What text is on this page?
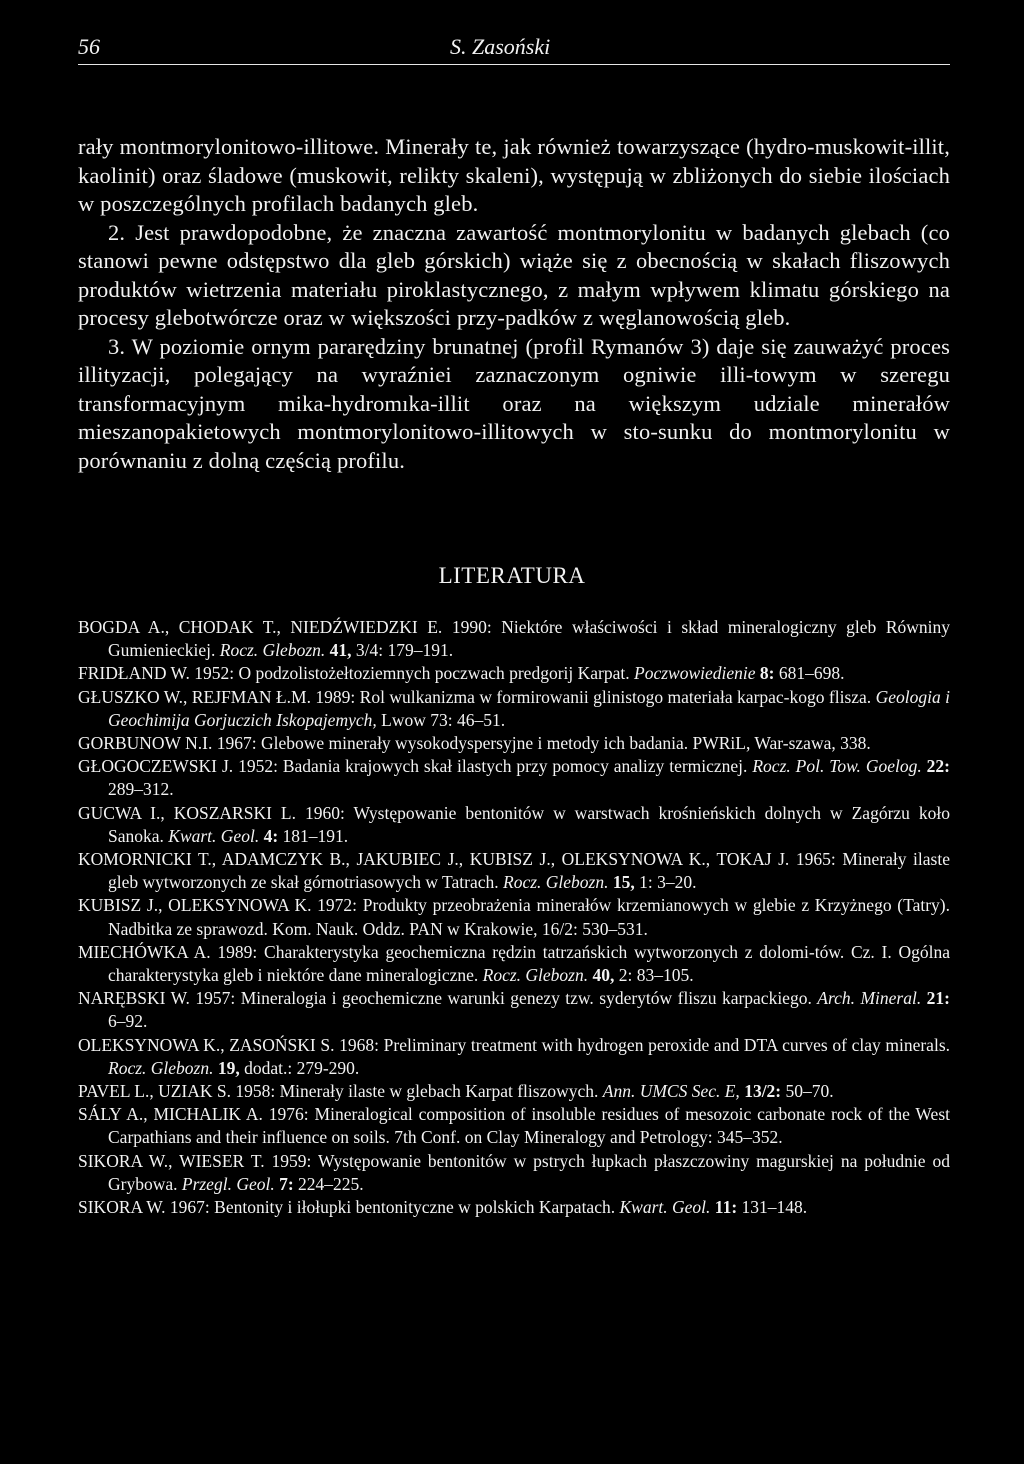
56	S. Zasoński

rały montmorylonitowo-illitowe. Minerały te, jak również towarzyszące (hydro-muskowit-illit, kaolinit) oraz śladowe (muskowit, relikty skaleni), występują w zbliżonych do siebie ilościach w poszczególnych profilach badanych gleb.

2. Jest prawdopodobne, że znaczna zawartość montmorylonitu w badanych glebach (co stanowi pewne odstępstwo dla gleb górskich) wiąże się z obecnością w skałach fliszowych produktów wietrzenia materiału piroklastycznego, z małym wpływem klimatu górskiego na procesy glebotwórcze oraz w większości przy-padków z węglanowością gleb.

3. W poziomie ornym pararędziny brunatnej (profil Rymanów 3) daje się zauważyć proces illityzacji, polegający na wyraźniei zaznaczonym ogniwie illi-towym w szeregu transformacyjnym mika-hydromıka-illit oraz na większym udziale minerałów mieszanopakietowych montmorylonitowo-illitowych w sto-sunku do montmorylonitu w porównaniu z dolną częścią profilu.

LITERATURA

BOGDA A., CHODAK T., NIEDŹWIEDZKI E. 1990: Niektóre właściwości i skład mineralogiczny gleb Równiny Gumienieckiej. Rocz. Glebozn. 41, 3/4: 179–191.

FRIDŁAND W. 1952: O podzolistożełtoziemnych poczwach predgorij Karpat. Poczwowiedienie 8: 681–698.

GŁUSZKO W., REJFMAN Ł.M. 1989: Rol wulkanizma w formirowanii glinistogo materiała karpac-kogo flisza. Geologia i Geochimija Gorjuczich Iskopajemych, Lwow 73: 46–51.

GORBUNOW N.I. 1967: Glebowe minerały wysokodyspersyjne i metody ich badania. PWRiL, War-szawa, 338.

GŁOGOCZEWSKI J. 1952: Badania krajowych skał ilastych przy pomocy analizy termicznej. Rocz. Pol. Tow. Goelog. 22: 289–312.

GUCWA I., KOSZARSKI L. 1960: Występowanie bentonitów w warstwach krośnieńskich dolnych w Zagórzu koło Sanoka. Kwart. Geol. 4: 181–191.

KOMORNICKI T., ADAMCZYK B., JAKUBIEC J., KUBISZ J., OLEKSYNOWA K., TOKAJ J. 1965: Minerały ilaste gleb wytworzonych ze skał górnotriasowych w Tatrach. Rocz. Glebozn. 15, 1: 3–20.

KUBISZ J., OLEKSYNOWA K. 1972: Produkty przeobrażenia minerałów krzemianowych w glebie z Krzyżnego (Tatry). Nadbitka ze sprawozd. Kom. Nauk. Oddz. PAN w Krakowie, 16/2: 530–531.

MIECHÓWKA A. 1989: Charakterystyka geochemiczna rędzin tatrzańskich wytworzonych z dolomi-tów. Cz. I. Ogólna charakterystyka gleb i niektóre dane mineralogiczne. Rocz. Glebozn. 40, 2: 83–105.

NARĘBSKI W. 1957: Mineralogia i geochemiczne warunki genezy tzw. syderytów fliszu karpackiego. Arch. Mineral. 21: 6–92.

OLEKSYNOWA K., ZASOŃSKI S. 1968: Preliminary treatment with hydrogen peroxide and DTA curves of clay minerals. Rocz. Glebozn. 19, dodat.: 279-290.

PAVEL L., UZIAK S. 1958: Minerały ilaste w glebach Karpat fliszowych. Ann. UMCS Sec. E, 13/2: 50–70.

SÁLY A., MICHALIK A. 1976: Mineralogical composition of insoluble residues of mesozoic carbonate rock of the West Carpathians and their influence on soils. 7th Conf. on Clay Mineralogy and Petrology: 345–352.

SIKORA W., WIESER T. 1959: Występowanie bentonitów w pstrych łupkach płaszczowiny magurskiej na południe od Grybowa. Przegl. Geol. 7: 224–225.

SIKORA W. 1967: Bentonity i iłołupki bentonityczne w polskich Karpatach. Kwart. Geol. 11: 131–148.
